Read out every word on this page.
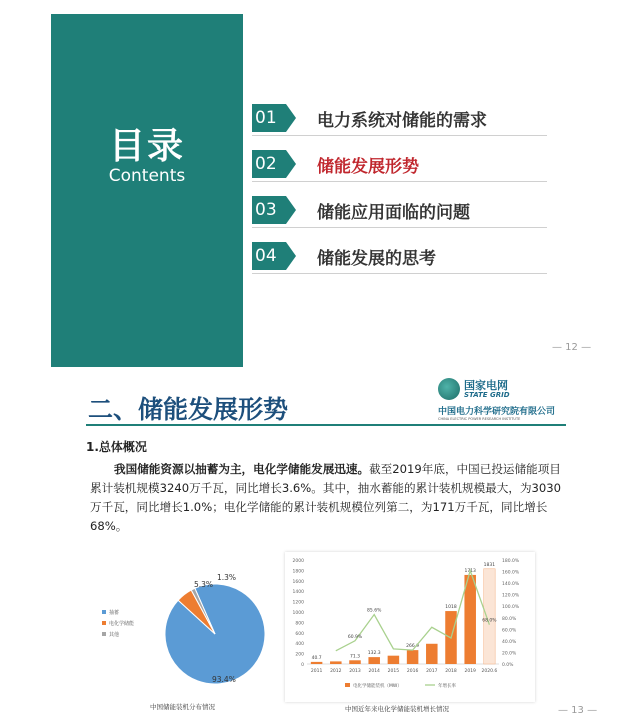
目录
Contents
01	电力系统对储能的需求
02	储能发展形势
03	储能应用面临的问题
04	储能发展的思考
— 12 —
二、储能发展形势
国家电网
STATE GRID
中国电力科学研究院有限公司
CHINA ELECTRIC POWER RESEARCH INSTITUTE
1.总体概况
我国储能资源以抽蓄为主，电化学储能发展迅速。截至2019年底，中国已投运储能项目累计装机规模3240万千瓦，同比增长3.6%。其中，抽水蓄能的累计装机规模最大，为3030万千瓦，同比增长1.0%；电化学储能的累计装机规模位列第二，为171万千瓦，同比增长68%。
93.4%
5.3%
1.3%
抽蓄
电化学储能
其他
中国储能装机分布情况
0
200
400
600
800
1000
1200
1400
1600
1800
2000
0.0%
20.0%
40.0%
60.0%
80.0%
100.0%
120.0%
140.0%
160.0%
180.0%
40.7
2011 2012
71.3
2013
132.3
2014 2015
266.9
2016 2017
1018
2018
1713
2019
1831
2020.6
60.9%
85.6%
68.0%
电化学储能装机（MW）	年增长率
中国近年来电化学储能装机增长情况	— 13 —
